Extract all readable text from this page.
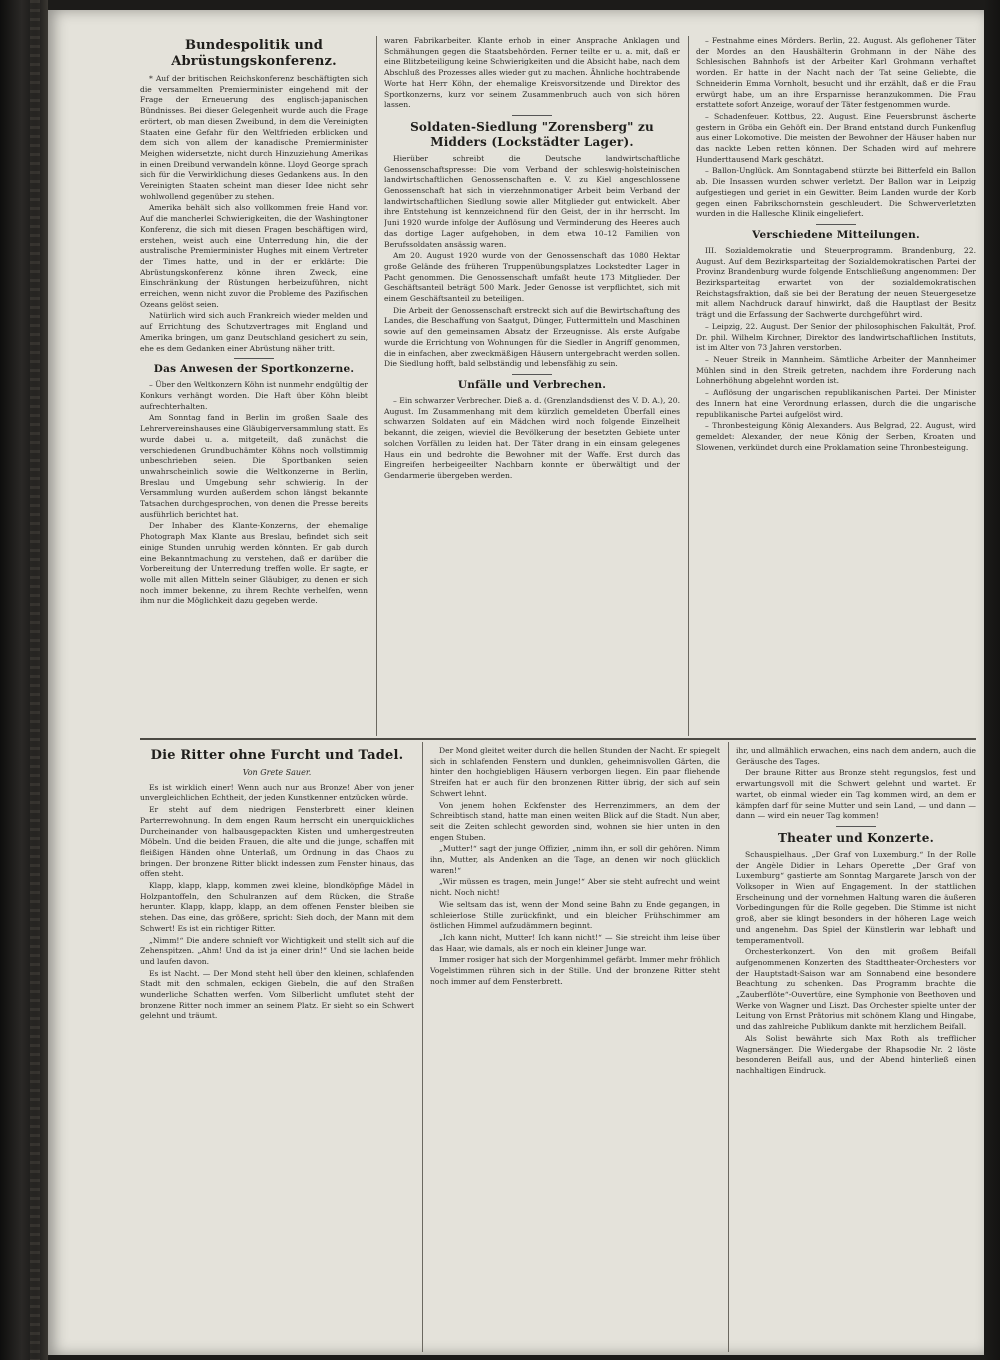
Bundespolitik und Abrüstungskonferenz.

* Auf der britischen Reichskonferenz beschäftigten sich die versammelten Premierminister eingehend mit der Frage der Erneuerung des englisch-japanischen Bündnisses. Bei dieser Gelegenheit wurde auch die Frage erörtert, ob man diesen Zweibund, in dem die Vereinigten Staaten eine Gefahr für den Weltfrieden erblicken und dem sich von allem der kanadische Premierminister Meighen widersetzte, nicht durch Hinzuziehung Amerikas in einen Dreibund verwandeln könne. Lloyd George sprach sich für die Verwirklichung dieses Gedankens aus. In den Vereinigten Staaten scheint man dieser Idee nicht sehr wohlwollend gegenüber zu stehen.

Amerika behält sich also vollkommen freie Hand vor. Auf die mancherlei Schwierigkeiten, die der Washingtoner Konferenz, die sich mit diesen Fragen beschäftigen wird, erstehen, weist auch eine Unterredung hin, die der australische Premierminister Hughes mit einem Vertreter der Times hatte, und in der er erklärte: Die Abrüstungskonferenz könne ihren Zweck, eine Einschränkung der Rüstungen herbeizuführen, nicht erreichen, wenn nicht zuvor die Probleme des Pazifischen Ozeans gelöst seien.

Natürlich wird sich auch Frankreich wieder melden und auf Errichtung des Schutzvertrages mit England und Amerika bringen, um ganz Deutschland gesichert zu sein, ehe es dem Gedanken einer Abrüstung näher tritt.

Das Anwesen der Sportkonzerne.

– Über den Weltkonzern Köhn ist nunmehr endgültig der Konkurs verhängt worden. Die Haft über Köhn bleibt aufrechterhalten.

Am Sonntag fand in Berlin im großen Saale des Lehrervereinshauses eine Gläubigerversammlung statt. Es wurde dabei u. a. mitgeteilt, daß zunächst die verschiedenen Grundbuchämter Köhns noch vollstimmig unbeschrieben seien. Die Sportbanken seien unwahrscheinlich sowie die Weltkonzerne in Berlin, Breslau und Umgebung sehr schwierig. In der Versammlung wurden außerdem schon längst bekannte Tatsachen durchgesprochen, von denen die Presse bereits ausführlich berichtet hat.

Der Inhaber des Klante-Konzerns, der ehemalige Photograph Max Klante aus Breslau, befindet sich seit einige Stunden unruhig werden könnten. Er gab durch eine Bekanntmachung zu verstehen, daß er darüber die Vorbereitung der Unterredung treffen wolle. Er sagte, er wolle mit allen Mitteln seiner Gläubiger, zu denen er sich noch immer bekenne, zu ihrem Rechte verhelfen, wenn ihm nur die Möglichkeit dazu gegeben werde.

waren Fabrikarbeiter. Klante erhob in einer Ansprache Anklagen und Schmähungen gegen die Staatsbehörden. Ferner teilte er u. a. mit, daß er eine Blitzbeteiligung keine Schwierigkeiten und die Absicht habe, nach dem Abschluß des Prozesses alles wieder gut zu machen. Ähnliche hochtrabende Worte hat Herr Köhn, der ehemalige Kreisvorsitzende und Direktor des Sportkonzerns, kurz vor seinem Zusammenbruch auch von sich hören lassen.

Soldaten-Siedlung "Zorensberg" zu Midders (Lockstädter Lager).

Hierüber schreibt die Deutsche landwirtschaftliche Genossenschaftspresse: Die vom Verband der schleswig-holsteinischen landwirtschaftlichen Genossenschaften e. V. zu Kiel angeschlossene Genossenschaft hat sich in vierzehnmonatiger Arbeit beim Verband der landwirtschaftlichen Siedlung sowie aller Mitglieder gut entwickelt. Aber ihre Entstehung ist kennzeichnend für den Geist, der in ihr herrscht. Im Juni 1920 wurde infolge der Auflösung und Verminderung des Heeres auch das dortige Lager aufgehoben, in dem etwa 10–12 Familien von Berufssoldaten ansässig waren.

Am 20. August 1920 wurde von der Genossenschaft das 1080 Hektar große Gelände des früheren Truppenübungsplatzes Lockstedter Lager in Pacht genommen. Die Genossenschaft umfaßt heute 173 Mitglieder. Der Geschäftsanteil beträgt 500 Mark. Jeder Genosse ist verpflichtet, sich mit einem Geschäftsanteil zu beteiligen.

Die Arbeit der Genossenschaft erstreckt sich auf die Bewirtschaftung des Landes, die Beschaffung von Saatgut, Dünger, Futtermitteln und Maschinen sowie auf den gemeinsamen Absatz der Erzeugnisse. Als erste Aufgabe wurde die Errichtung von Wohnungen für die Siedler in Angriff genommen, die in einfachen, aber zweckmäßigen Häusern untergebracht werden sollen. Die Siedlung hofft, bald selbständig und lebensfähig zu sein.

Unfälle und Verbrechen.

– Ein schwarzer Verbrecher. Dieß a. d. (Grenzlandsdienst des V. D. A.), 20. August. Im Zusammenhang mit dem kürzlich gemeldeten Überfall eines schwarzen Soldaten auf ein Mädchen wird noch folgende Einzelheit bekannt, die zeigen, wieviel die Bevölkerung der besetzten Gebiete unter solchen Vorfällen zu leiden hat. Der Täter drang in ein einsam gelegenes Haus ein und bedrohte die Bewohner mit der Waffe. Erst durch das Eingreifen herbeigeeilter Nachbarn konnte er überwältigt und der Gendarmerie übergeben werden.

– Festnahme eines Mörders. Berlin, 22. August. Als geflohener Täter der Mordes an den Haushälterin Grohmann in der Nähe des Schlesischen Bahnhofs ist der Arbeiter Karl Grohmann verhaftet worden. Er hatte in der Nacht nach der Tat seine Geliebte, die Schneiderin Emma Vornholt, besucht und ihr erzählt, daß er die Frau erwürgt habe, um an ihre Ersparnisse heranzukommen. Die Frau erstattete sofort Anzeige, worauf der Täter festgenommen wurde.

– Schadenfeuer. Kottbus, 22. August. Eine Feuersbrunst äscherte gestern in Gröba ein Gehöft ein. Der Brand entstand durch Funkenflug aus einer Lokomotive. Die meisten der Bewohner der Häuser haben nur das nackte Leben retten können. Der Schaden wird auf mehrere Hunderttausend Mark geschätzt.

– Ballon-Unglück. Am Sonntagabend stürzte bei Bitterfeld ein Ballon ab. Die Insassen wurden schwer verletzt. Der Ballon war in Leipzig aufgestiegen und geriet in ein Gewitter. Beim Landen wurde der Korb gegen einen Fabrikschornstein geschleudert. Die Schwerverletzten wurden in die Hallesche Klinik eingeliefert.

Verschiedene Mitteilungen.

III. Sozialdemokratie und Steuerprogramm. Brandenburg, 22. August. Auf dem Bezirksparteitag der Sozialdemokratischen Partei der Provinz Brandenburg wurde folgende Entschließung angenommen: Der Bezirksparteitag erwartet von der sozialdemokratischen Reichstagsfraktion, daß sie bei der Beratung der neuen Steuergesetze mit allem Nachdruck darauf hinwirkt, daß die Hauptlast der Besitz trägt und die Erfassung der Sachwerte durchgeführt wird.

– Leipzig, 22. August. Der Senior der philosophischen Fakultät, Prof. Dr. phil. Wilhelm Kirchner, Direktor des landwirtschaftlichen Instituts, ist im Alter von 73 Jahren verstorben.

– Neuer Streik in Mannheim. Sämtliche Arbeiter der Mannheimer Mühlen sind in den Streik getreten, nachdem ihre Forderung nach Lohnerhöhung abgelehnt worden ist.

– Auflösung der ungarischen republikanischen Partei. Der Minister des Innern hat eine Verordnung erlassen, durch die die ungarische republikanische Partei aufgelöst wird.

– Thronbesteigung König Alexanders. Aus Belgrad, 22. August, wird gemeldet: Alexander, der neue König der Serben, Kroaten und Slowenen, verkündet durch eine Proklamation seine Thronbesteigung.

Die Ritter ohne Furcht und Tadel.
Von Grete Sauer.

Es ist wirklich einer! Wenn auch nur aus Bronze! Aber von jener unvergleichlichen Echtheit, der jeden Kunstkenner entzücken würde.

Er steht auf dem niedrigen Fensterbrett einer kleinen Parterrewohnung. In dem engen Raum herrscht ein unerquickliches Durcheinander von halbausgepackten Kisten und umhergestreuten Möbeln. Und die beiden Frauen, die alte und die junge, schaffen mit fleißigen Händen ohne Unterlaß, um Ordnung in das Chaos zu bringen. Der bronzene Ritter blickt indessen zum Fenster hinaus, das offen steht.

Klapp, klapp, klapp, kommen zwei kleine, blondköpfige Mädel in Holzpantoffeln, den Schulranzen auf dem Rücken, die Straße herunter. Klapp, klapp, klapp, an dem offenen Fenster bleiben sie stehen. Das eine, das größere, spricht: Sieh doch, der Mann mit dem Schwert! Es ist ein richtiger Ritter.

„Nimm!“ Die andere schnieft vor Wichtigkeit und stellt sich auf die Zehenspitzen. „Ahm! Und da ist ja einer drin!“ Und sie lachen beide und laufen davon.

Es ist Nacht. — Der Mond steht hell über den kleinen, schlafenden Stadt mit den schmalen, eckigen Giebeln, die auf den Straßen wunderliche Schatten werfen. Vom Silberlicht umflutet steht der bronzene Ritter noch immer an seinem Platz. Er sieht so ein Schwert gelehnt und träumt.

Der Mond gleitet weiter durch die hellen Stunden der Nacht. Er spiegelt sich in schlafenden Fenstern und dunklen, geheimnisvollen Gärten, die hinter den hochgiebligen Häusern verborgen liegen. Ein paar fliehende Streifen hat er auch für den bronzenen Ritter übrig, der sich auf sein Schwert lehnt.

Von jenem hohen Eckfenster des Herrenzimmers, an dem der Schreibtisch stand, hatte man einen weiten Blick auf die Stadt. Nun aber, seit die Zeiten schlecht geworden sind, wohnen sie hier unten in den engen Stuben.

„Mutter!“ sagt der junge Offizier, „nimm ihn, er soll dir gehören. Nimm ihn, Mutter, als Andenken an die Tage, an denen wir noch glücklich waren!“

„Wir müssen es tragen, mein Junge!“ Aber sie steht aufrecht und weint nicht. Noch nicht!

Wie seltsam das ist, wenn der Mond seine Bahn zu Ende gegangen, in schleierlose Stille zurückfinkt, und ein bleicher Frühschimmer am östlichen Himmel aufzudämmern beginnt.

„Ich kann nicht, Mutter! Ich kann nicht!“ — Sie streicht ihm leise über das Haar, wie damals, als er noch ein kleiner Junge war.

Immer rosiger hat sich der Morgenhimmel gefärbt. Immer mehr fröhlich Vogelstimmen rühren sich in der Stille. Und der bronzene Ritter steht noch immer auf dem Fensterbrett.

ihr, und allmählich erwachen, eins nach dem andern, auch die Geräusche des Tages.

Der braune Ritter aus Bronze steht regungslos, fest und erwartungsvoll mit die Schwert gelehnt und wartet. Er wartet, ob einmal wieder ein Tag kommen wird, an dem er kämpfen darf für seine Mutter und sein Land, — und dann — dann — wird ein neuer Tag kommen!

Theater und Konzerte.

Schauspielhaus. „Der Graf von Luxemburg.“ In der Rolle der Angèle Didier in Lehars Operette „Der Graf von Luxemburg“ gastierte am Sonntag Margarete Jarsch von der Volksoper in Wien auf Engagement. In der stattlichen Erscheinung und der vornehmen Haltung waren die äußeren Vorbedingungen für die Rolle gegeben. Die Stimme ist nicht groß, aber sie klingt besonders in der höheren Lage weich und angenehm. Das Spiel der Künstlerin war lebhaft und temperamentvoll.

Orchesterkonzert. Von den mit großem Beifall aufgenommenen Konzerten des Stadttheater-Orchesters vor der Hauptstadt-Saison war am Sonnabend eine besondere Beachtung zu schenken. Das Programm brachte die „Zauberflöte“-Ouvertüre, eine Symphonie von Beethoven und Werke von Wagner und Liszt. Das Orchester spielte unter der Leitung von Ernst Prätorius mit schönem Klang und Hingabe, und das zahlreiche Publikum dankte mit herzlichem Beifall.

Als Solist bewährte sich Max Roth als trefflicher Wagnersänger. Die Wiedergabe der Rhapsodie Nr. 2 löste besonderen Beifall aus, und der Abend hinterließ einen nachhaltigen Eindruck.
